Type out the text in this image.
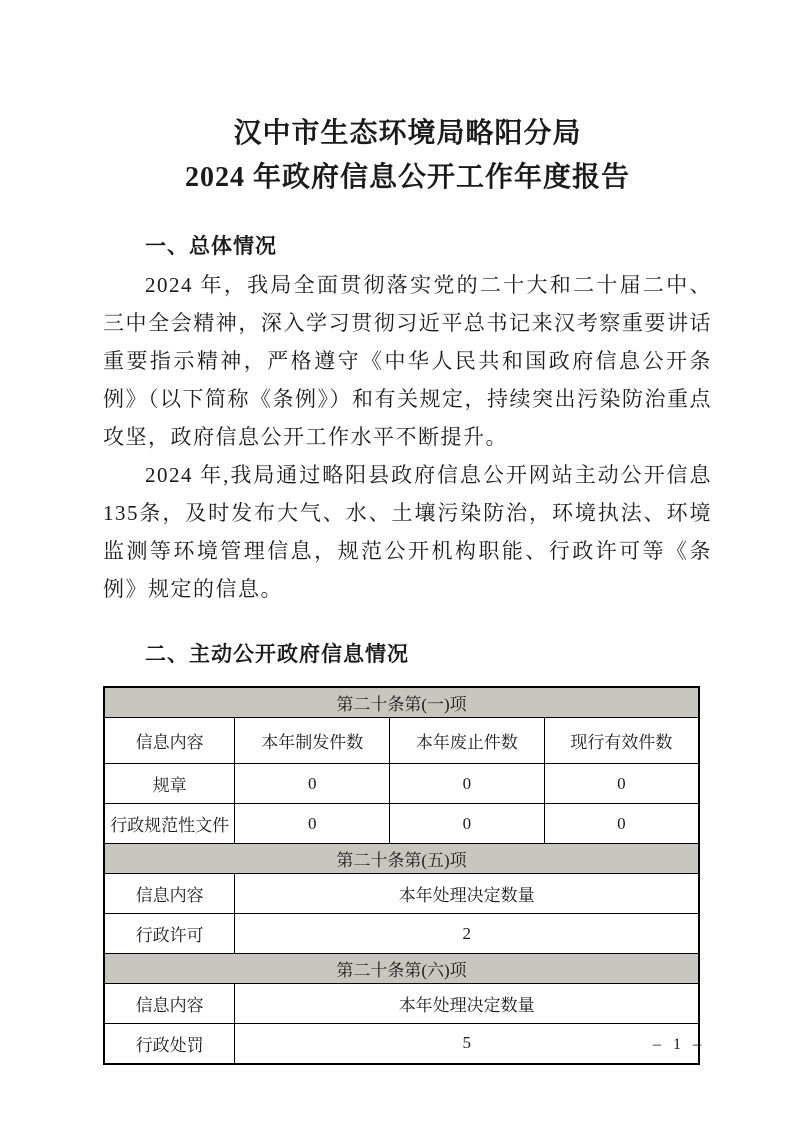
汉中市生态环境局略阳分局
2024 年政府信息公开工作年度报告
一、总体情况

2024 年，我局全面贯彻落实党的二十大和二十届二中、三中全会精神，深入学习贯彻习近平总书记来汉考察重要讲话重要指示精神，严格遵守《中华人民共和国政府信息公开条例》（以下简称《条例》）和有关规定，持续突出污染防治重点攻坚，政府信息公开工作水平不断提升。

2024 年,我局通过略阳县政府信息公开网站主动公开信息 135条，及时发布大气、水、土壤污染防治，环境执法、环境监测等环境管理信息，规范公开机构职能、行政许可等《条例》规定的信息。

二、主动公开政府信息情况
第二十条第(一)项			
信息内容	本年制发件数	本年废止件数	现行有效件数
规章	0	0	0
行政规范性文件	0	0	0
第二十条第(五)项			
信息内容	本年处理决定数量		
行政许可	2		
第二十条第(六)项			
信息内容	本年处理决定数量		
行政处罚	5			– 1 –
